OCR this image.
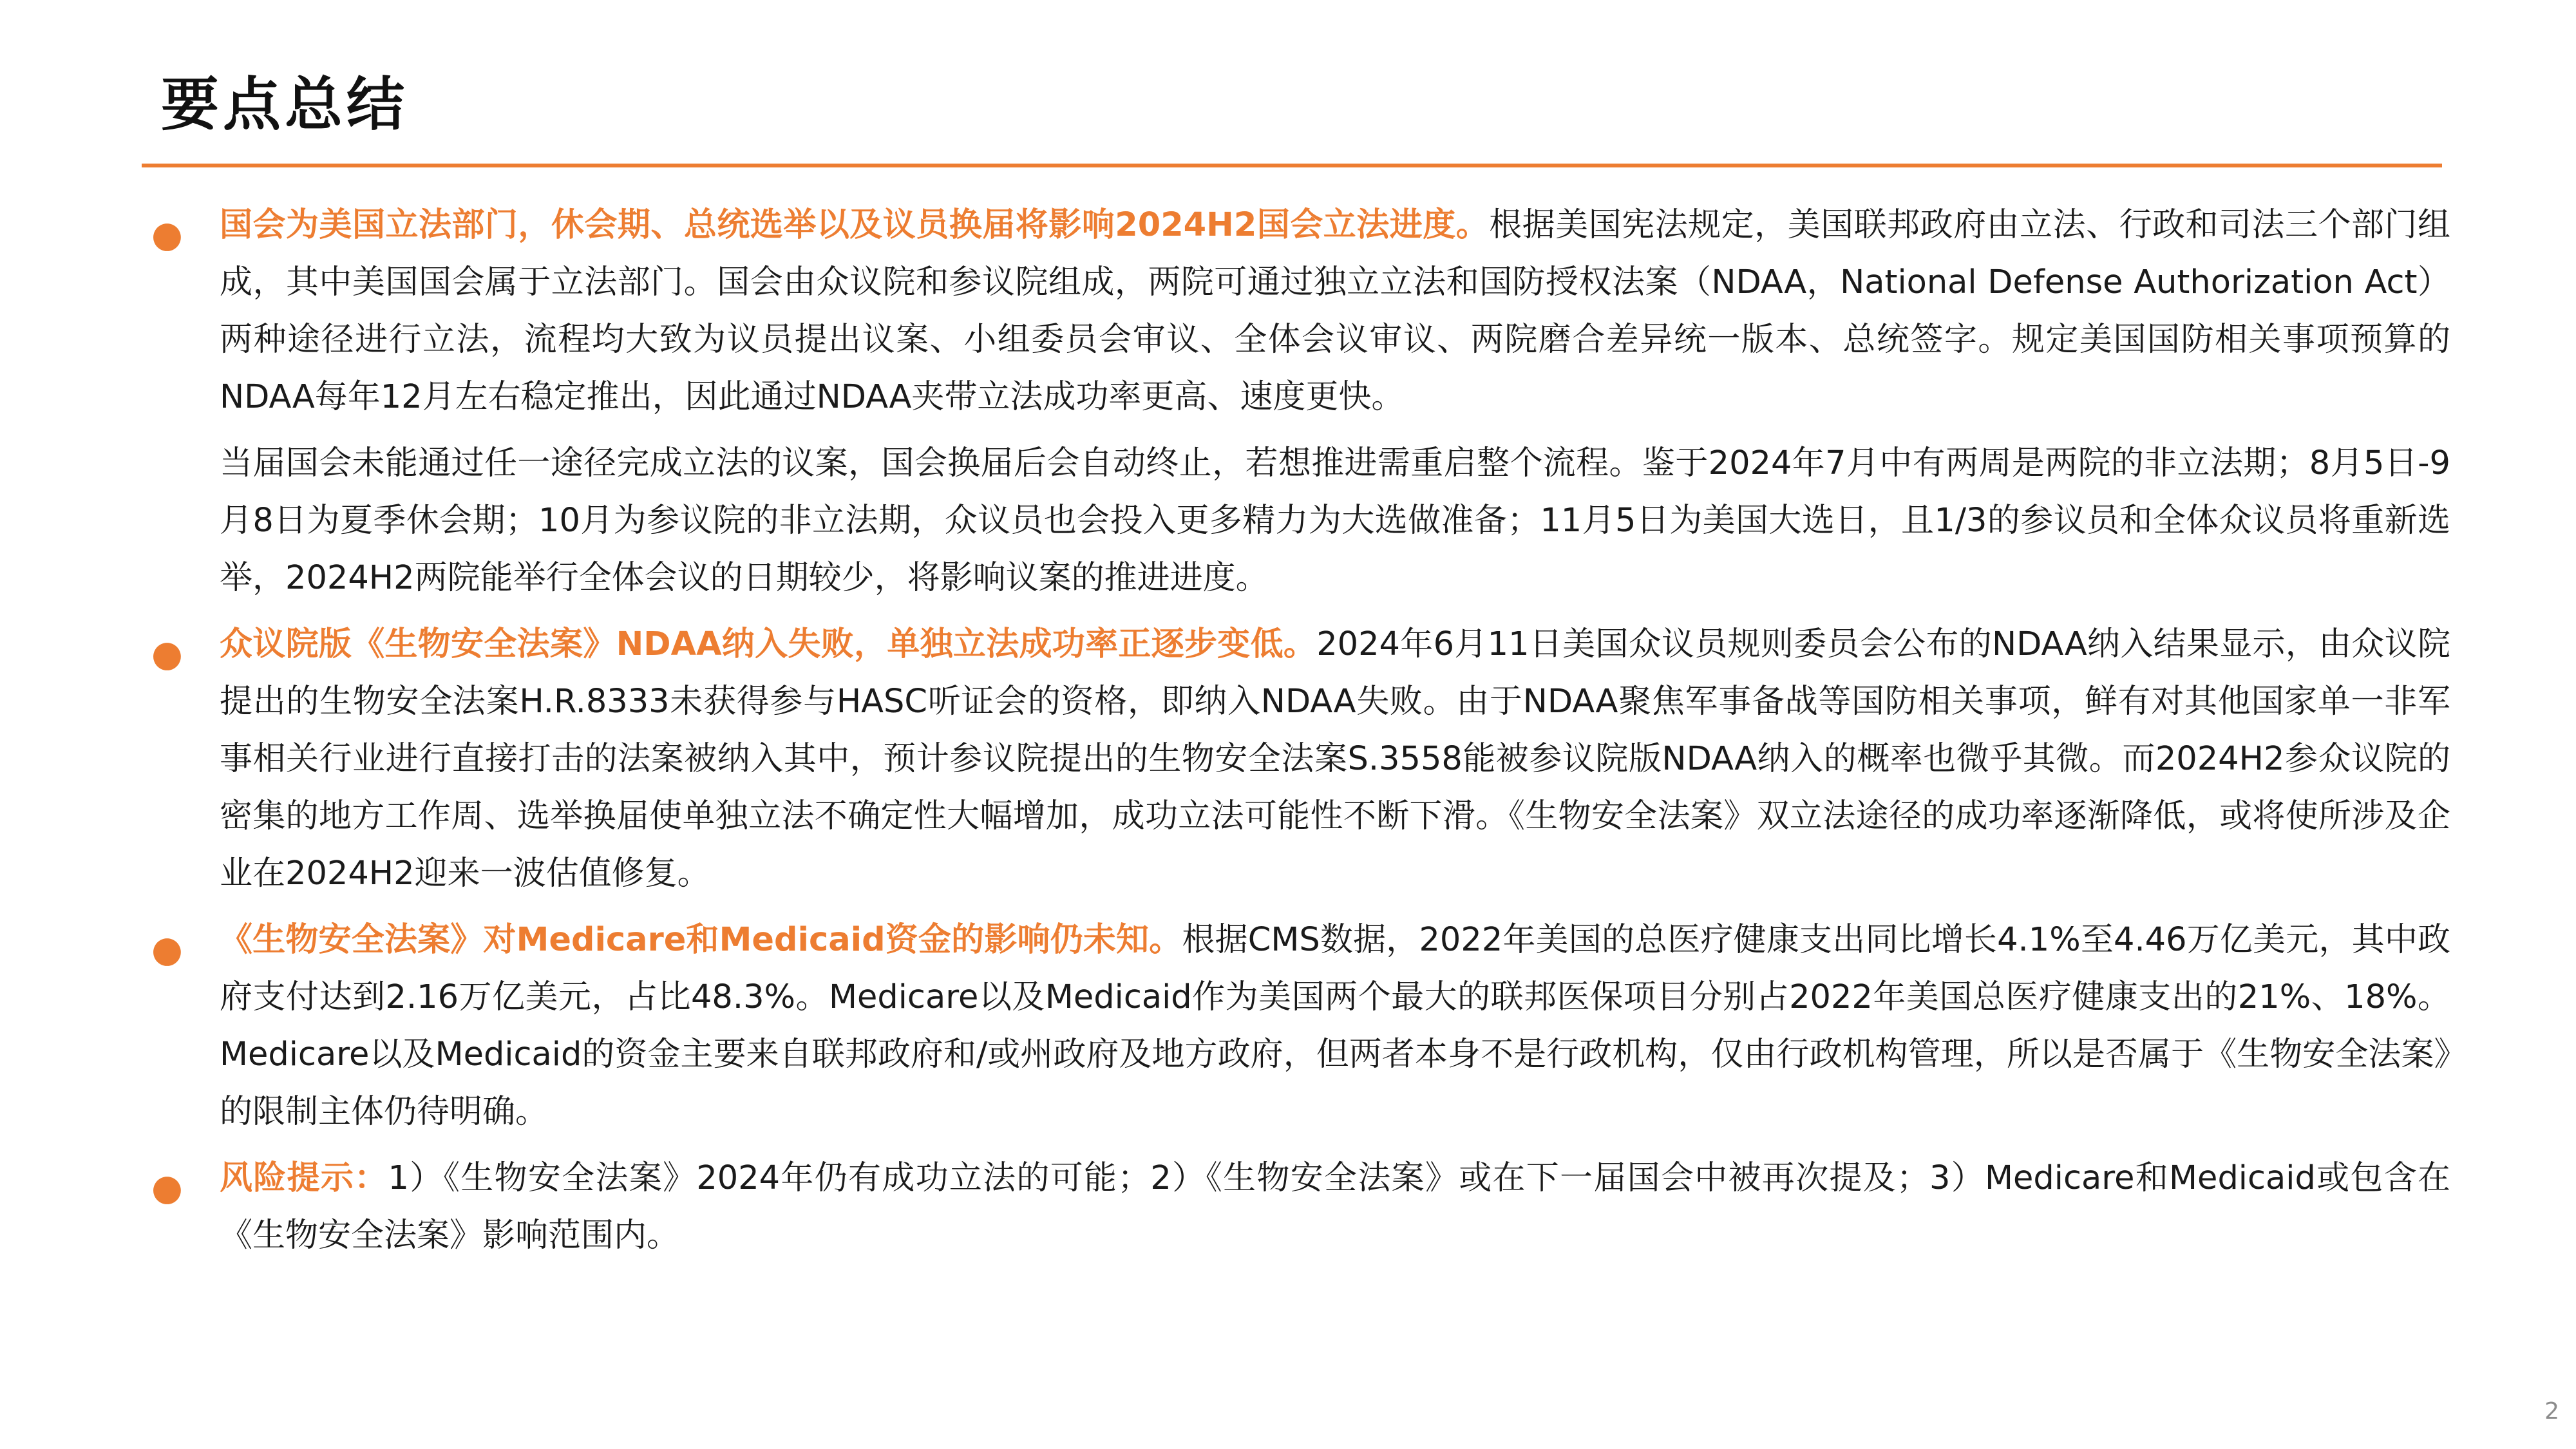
要点总结
● 国会为美国立法部门，休会期、总统选举以及议员换届将影响2024H2国会立法进度。根据美国宪法规定，美国联邦政府由立法、行政和司法三个部门组成，其中美国国会属于立法部门。国会由众议院和参议院组成，两院可通过独立立法和国防授权法案（NDAA，National Defense Authorization Act）两种途径进行立法，流程均大致为议员提出议案、小组委员会审议、全体会议审议、两院磨合差异统一版本、总统签字。规定美国国防相关事项预算的NDAA每年12月左右稳定推出，因此通过NDAA夹带立法成功率更高、速度更快。

当届国会未能通过任一途径完成立法的议案，国会换届后会自动终止，若想推进需重启整个流程。鉴于2024年7月中有两周是两院的非立法期；8月5日-9月8日为夏季休会期；10月为参议院的非立法期，众议员也会投入更多精力为大选做准备；11月5日为美国大选日，且1/3的参议员和全体众议员将重新选举，2024H2两院能举行全体会议的日期较少，将影响议案的推进进度。

● 众议院版《生物安全法案》NDAA纳入失败，单独立法成功率正逐步变低。2024年6月11日美国众议员规则委员会公布的NDAA纳入结果显示，由众议院提出的生物安全法案H.R.8333未获得参与HASC听证会的资格，即纳入NDAA失败。由于NDAA聚焦军事备战等国防相关事项，鲜有对其他国家单一非军事相关行业进行直接打击的法案被纳入其中，预计参议院提出的生物安全法案S.3558能被参议院版NDAA纳入的概率也微乎其微。而2024H2参众议院的密集的地方工作周、选举换届使单独立法不确定性大幅增加，成功立法可能性不断下滑。《生物安全法案》双立法途径的成功率逐渐降低，或将使所涉及企业在2024H2迎来一波估值修复。

● 《生物安全法案》对Medicare和Medicaid资金的影响仍未知。根据CMS数据，2022年美国的总医疗健康支出同比增长4.1%至4.46万亿美元，其中政府支付达到2.16万亿美元，占比48.3%。Medicare以及Medicaid作为美国两个最大的联邦医保项目分别占2022年美国总医疗健康支出的21%、18%。Medicare以及Medicaid的资金主要来自联邦政府和/或州政府及地方政府，但两者本身不是行政机构，仅由行政机构管理，所以是否属于《生物安全法案》的限制主体仍待明确。

● 风险提示：1）《生物安全法案》2024年仍有成功立法的可能；2）《生物安全法案》或在下一届国会中被再次提及；3）Medicare和Medicaid或包含在《生物安全法案》影响范围内。

2
